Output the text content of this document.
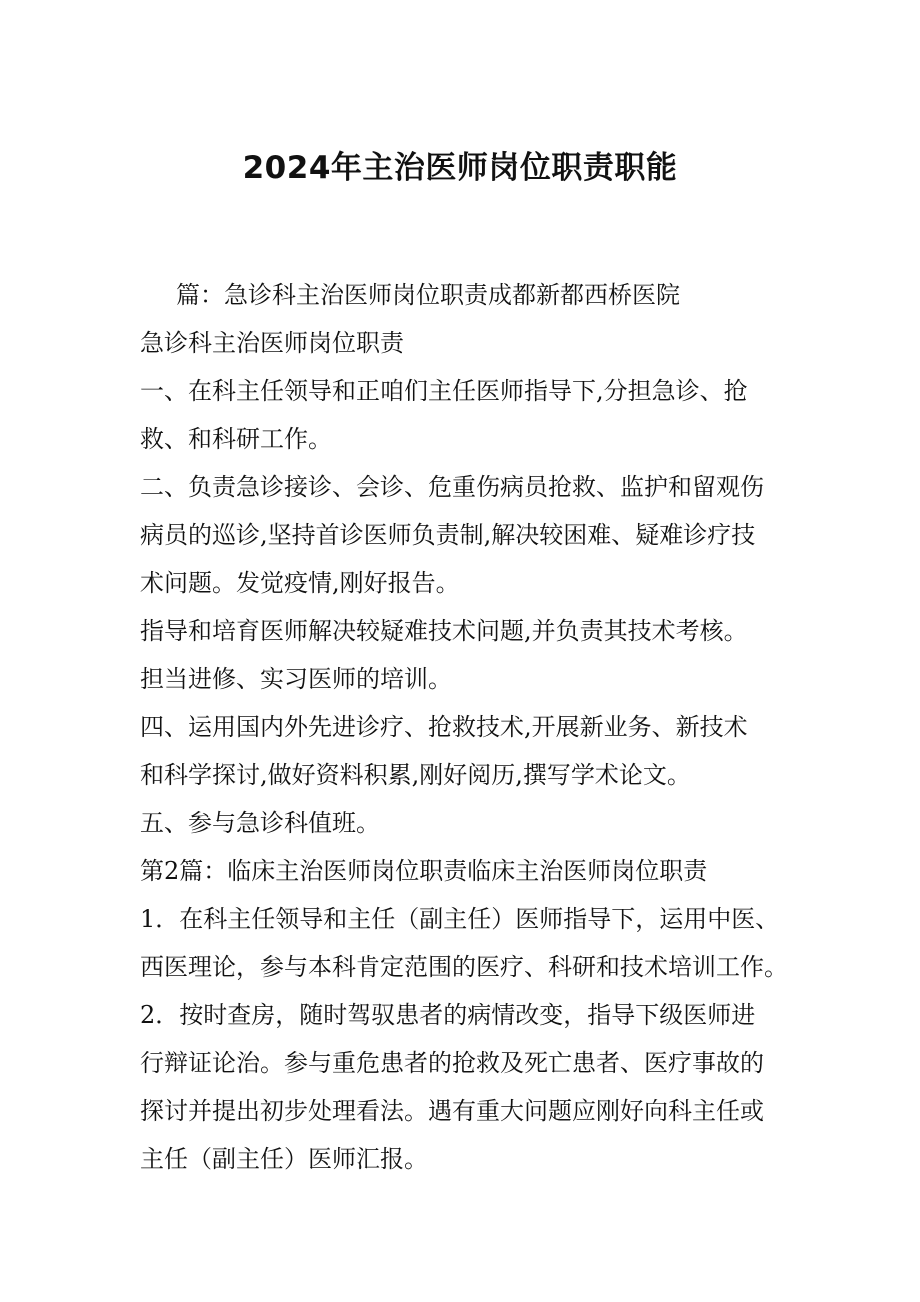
2024年主治医师岗位职责职能
篇：急诊科主治医师岗位职责成都新都西桥医院
急诊科主治医师岗位职责
一、在科主任领导和正咱们主任医师指导下,分担急诊、抢
救、和科研工作。
二、负责急诊接诊、会诊、危重伤病员抢救、监护和留观伤
病员的巡诊,坚持首诊医师负责制,解决较困难、疑难诊疗技
术问题。发觉疫情,刚好报告。
指导和培育医师解决较疑难技术问题,并负责其技术考核。
担当进修、实习医师的培训。
四、运用国内外先进诊疗、抢救技术,开展新业务、新技术
和科学探讨,做好资料积累,刚好阅历,撰写学术论文。
五、参与急诊科值班。
第2篇：临床主治医师岗位职责临床主治医师岗位职责
1．在科主任领导和主任（副主任）医师指导下，运用中医、
西医理论，参与本科肯定范围的医疗、科研和技术培训工作。
2．按时查房，随时驾驭患者的病情改变，指导下级医师进
行辩证论治。参与重危患者的抢救及死亡患者、医疗事故的
探讨并提出初步处理看法。遇有重大问题应刚好向科主任或
主任（副主任）医师汇报。
